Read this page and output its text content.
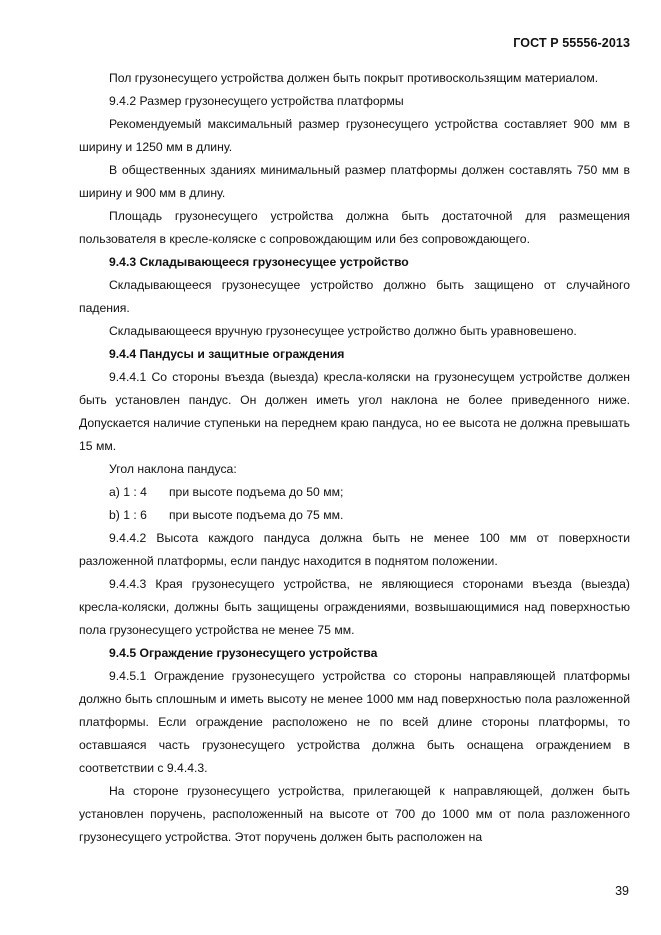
ГОСТ Р 55556-2013

Пол грузонесущего устройства должен быть покрыт противоскользящим материалом.

9.4.2 Размер грузонесущего устройства платформы

Рекомендуемый максимальный размер грузонесущего устройства составляет 900 мм в ширину и 1250 мм в длину.

В общественных зданиях минимальный размер платформы должен составлять 750 мм в ширину и 900 мм в длину.

Площадь грузонесущего устройства должна быть достаточной для размещения пользователя в кресле-коляске с сопровождающим или без сопровождающего.

9.4.3 Складывающееся грузонесущее устройство

Складывающееся грузонесущее устройство должно быть защищено от случайного падения.

Складывающееся вручную грузонесущее устройство должно быть уравновешено.

9.4.4 Пандусы и защитные ограждения

9.4.4.1 Со стороны въезда (выезда) кресла-коляски на грузонесущем устройстве должен быть установлен пандус. Он должен иметь угол наклона не более приведенного ниже. Допускается наличие ступеньки на переднем краю пандуса, но ее высота не должна превышать 15 мм.

Угол наклона пандуса:

а) 1 : 4 при высоте подъема до 50 мм;

b) 1 : 6 при высоте подъема до 75 мм.

9.4.4.2 Высота каждого пандуса должна быть не менее 100 мм от поверхности разложенной платформы, если пандус находится в поднятом положении.

9.4.4.3 Края грузонесущего устройства, не являющиеся сторонами въезда (выезда) кресла-коляски, должны быть защищены ограждениями, возвышающимися над поверхностью пола грузонесущего устройства не менее 75 мм.

9.4.5 Ограждение грузонесущего устройства

9.4.5.1 Ограждение грузонесущего устройства со стороны направляющей платформы должно быть сплошным и иметь высоту не менее 1000 мм над поверхностью пола разложенной платформы. Если ограждение расположено не по всей длине стороны платформы, то оставшаяся часть грузонесущего устройства должна быть оснащена ограждением в соответствии с 9.4.4.3.

На стороне грузонесущего устройства, прилегающей к направляющей, должен быть установлен поручень, расположенный на высоте от 700 до 1000 мм от пола разложенного грузонесущего устройства. Этот поручень должен быть расположен на

39
